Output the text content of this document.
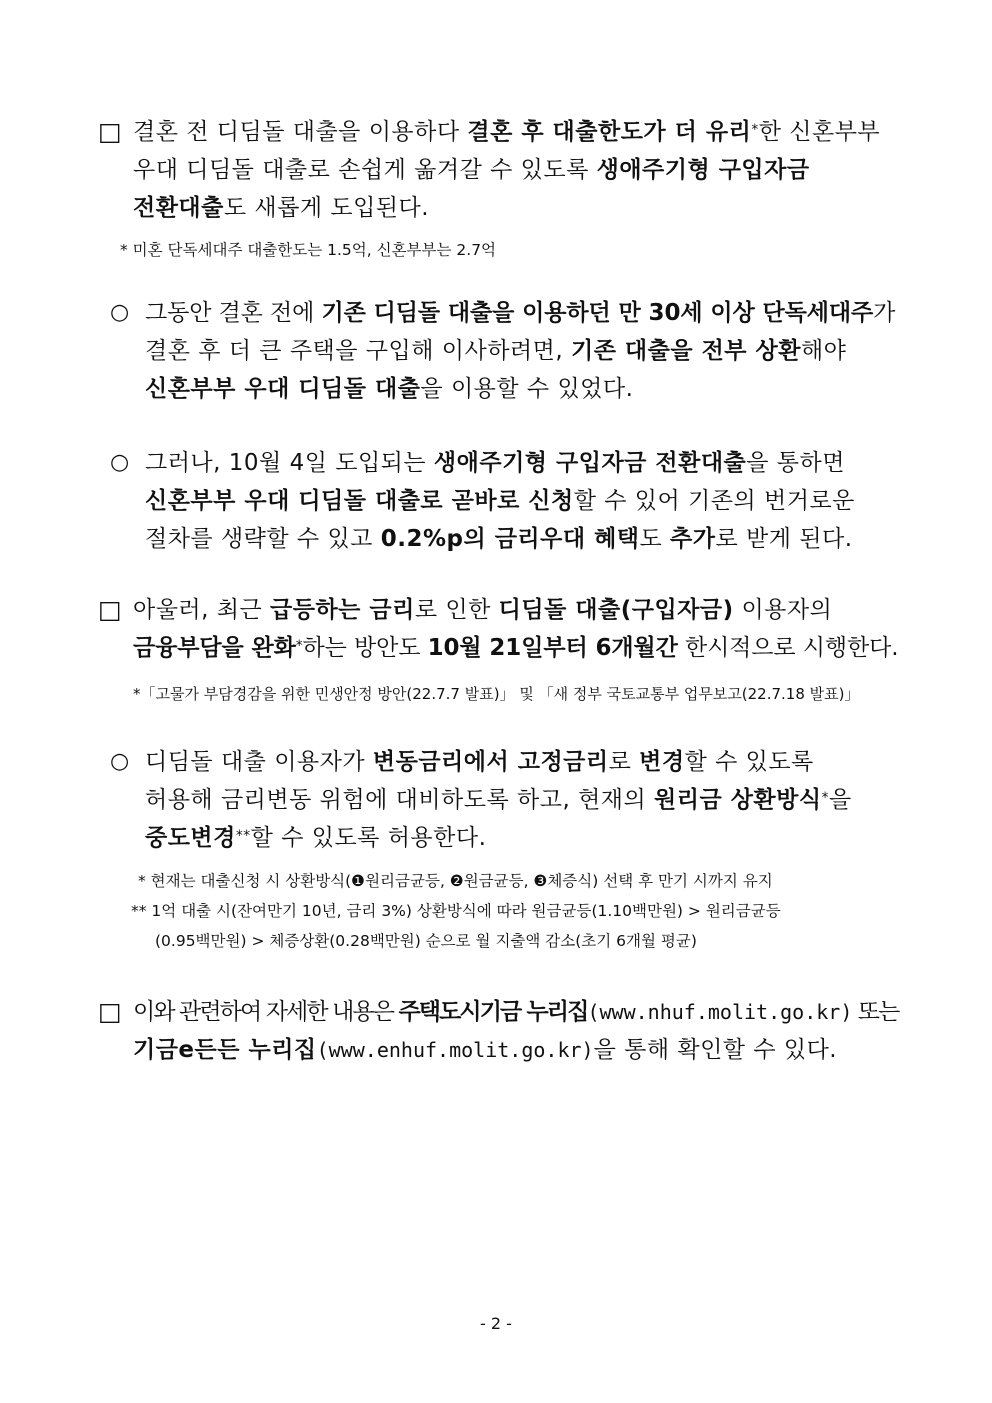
□ 결혼 전 디딤돌 대출을 이용하다 결혼 후 대출한도가 더 유리*한 신혼부부
우대 디딤돌 대출로 손쉽게 옮겨갈 수 있도록 생애주기형 구입자금
전환대출도 새롭게 도입된다.
* 미혼 단독세대주 대출한도는 1.5억, 신혼부부는 2.7억
○ 그동안 결혼 전에 기존 디딤돌 대출을 이용하던 만 30세 이상 단독세대주가
결혼 후 더 큰 주택을 구입해 이사하려면, 기존 대출을 전부 상환해야
신혼부부 우대 디딤돌 대출을 이용할 수 있었다.
○ 그러나, 10월 4일 도입되는 생애주기형 구입자금 전환대출을 통하면
신혼부부 우대 디딤돌 대출로 곧바로 신청할 수 있어 기존의 번거로운
절차를 생략할 수 있고 0.2%p의 금리우대 혜택도 추가로 받게 된다.
□ 아울러, 최근 급등하는 금리로 인한 디딤돌 대출(구입자금) 이용자의
금융부담을 완화*하는 방안도 10월 21일부터 6개월간 한시적으로 시행한다.
*「고물가 부담경감을 위한 민생안정 방안(22.7.7 발표)」 및 「새 정부 국토교통부 업무보고(22.7.18 발표)」
○ 디딤돌 대출 이용자가 변동금리에서 고정금리로 변경할 수 있도록
허용해 금리변동 위험에 대비하도록 하고, 현재의 원리금 상환방식*을
중도변경**할 수 있도록 허용한다.
* 현재는 대출신청 시 상환방식(❶원리금균등, ❷원금균등, ❸체증식) 선택 후 만기 시까지 유지
** 1억 대출 시(잔여만기 10년, 금리 3%) 상환방식에 따라 원금균등(1.10백만원) > 원리금균등
(0.95백만원) > 체증상환(0.28백만원) 순으로 월 지출액 감소(초기 6개월 평균)
□ 이와 관련하여 자세한 내용은 주택도시기금 누리집(www.nhuf.molit.go.kr) 또는
기금e든든 누리집(www.enhuf.molit.go.kr)을 통해 확인할 수 있다.
- 2 -
